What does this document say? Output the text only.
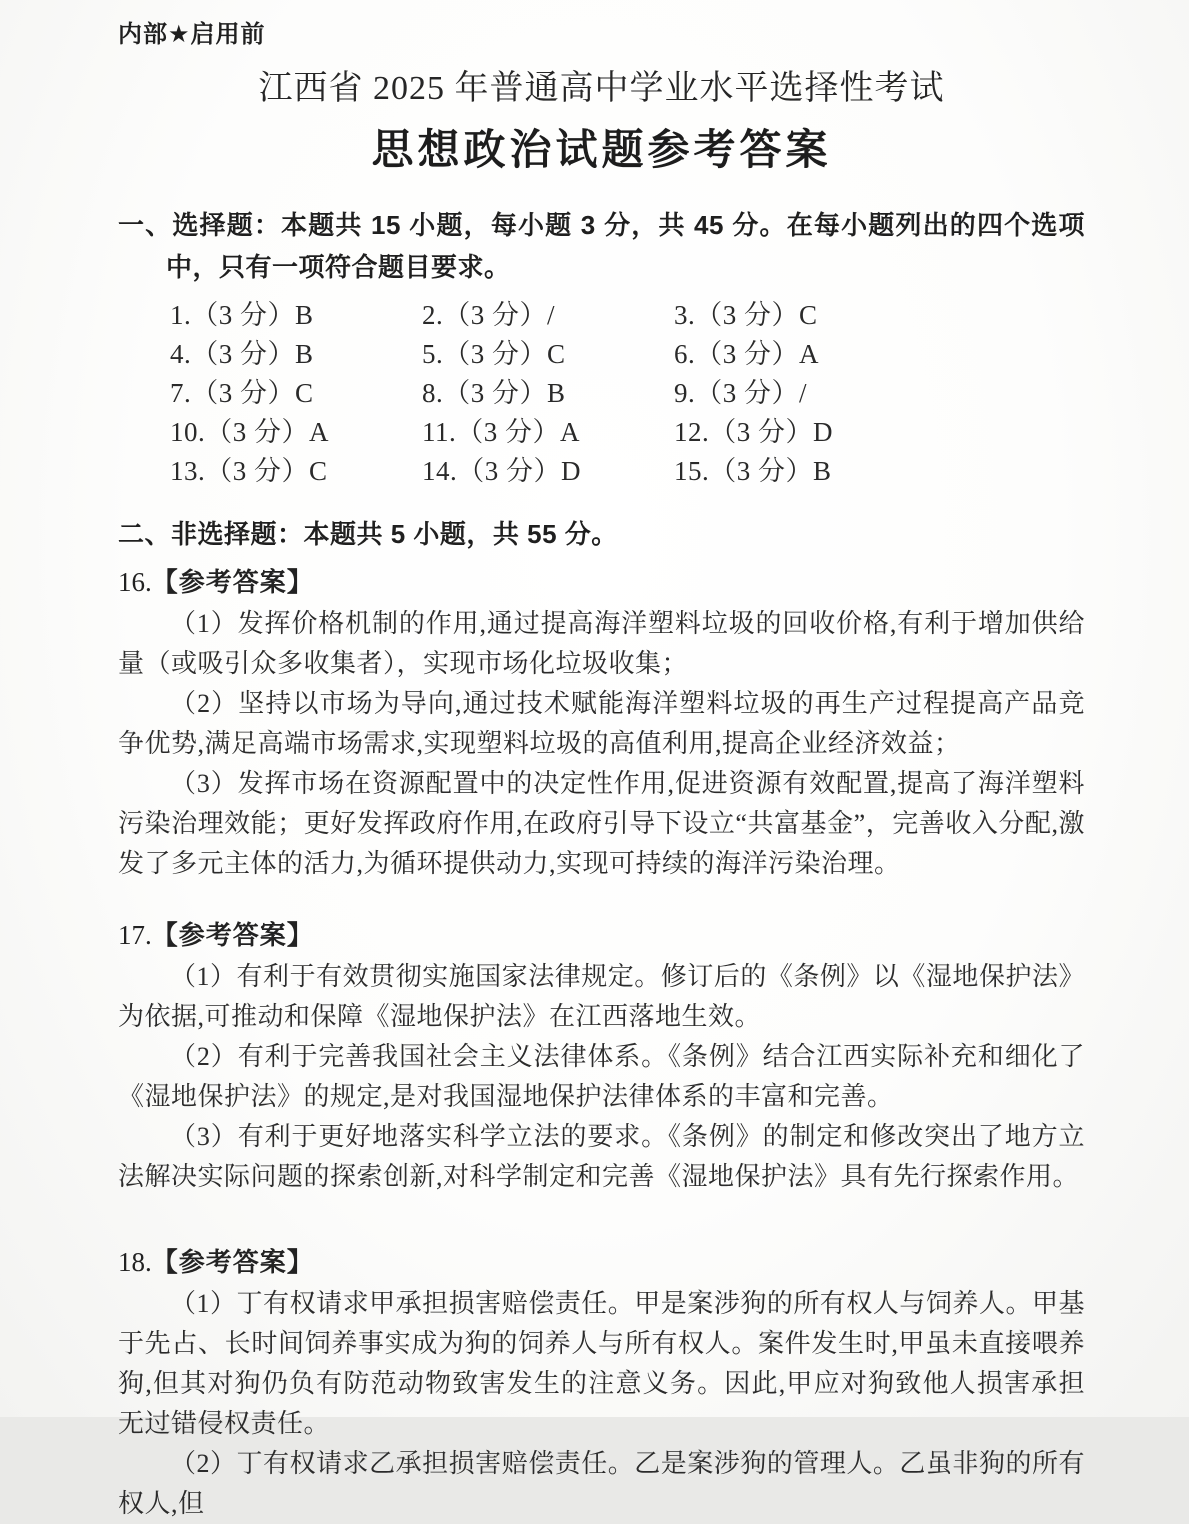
内部★启用前
江西省 2025 年普通高中学业水平选择性考试
思想政治试题参考答案
一、选择题：本题共 15 小题，每小题 3 分，共 45 分。在每小题列出的四个选项中，只有一项符合题目要求。
1.（3 分）B	2.（3 分）/	3.（3 分）C
4.（3 分）B	5.（3 分）C	6.（3 分）A
7.（3 分）C	8.（3 分）B	9.（3 分）/
10.（3 分）A	11.（3 分）A	12.（3 分）D
13.（3 分）C	14.（3 分）D	15.（3 分）B
二、非选择题：本题共 5 小题，共 55 分。
16.【参考答案】

（1）发挥价格机制的作用,通过提高海洋塑料垃圾的回收价格,有利于增加供给量（或吸引众多收集者），实现市场化垃圾收集；

（2）坚持以市场为导向,通过技术赋能海洋塑料垃圾的再生产过程提高产品竞争优势,满足高端市场需求,实现塑料垃圾的高值利用,提高企业经济效益；

（3）发挥市场在资源配置中的决定性作用,促进资源有效配置,提高了海洋塑料污染治理效能；更好发挥政府作用,在政府引导下设立“共富基金”，完善收入分配,激发了多元主体的活力,为循环提供动力,实现可持续的海洋污染治理。

17.【参考答案】

（1）有利于有效贯彻实施国家法律规定。修订后的《条例》以《湿地保护法》为依据,可推动和保障《湿地保护法》在江西落地生效。

（2）有利于完善我国社会主义法律体系。《条例》结合江西实际补充和细化了《湿地保护法》的规定,是对我国湿地保护法律体系的丰富和完善。

（3）有利于更好地落实科学立法的要求。《条例》的制定和修改突出了地方立法解决实际问题的探索创新,对科学制定和完善《湿地保护法》具有先行探索作用。

18.【参考答案】

（1）丁有权请求甲承担损害赔偿责任。甲是案涉狗的所有权人与饲养人。甲基于先占、长时间饲养事实成为狗的饲养人与所有权人。案件发生时,甲虽未直接喂养狗,但其对狗仍负有防范动物致害发生的注意义务。因此,甲应对狗致他人损害承担无过错侵权责任。

（2）丁有权请求乙承担损害赔偿责任。乙是案涉狗的管理人。乙虽非狗的所有权人,但
